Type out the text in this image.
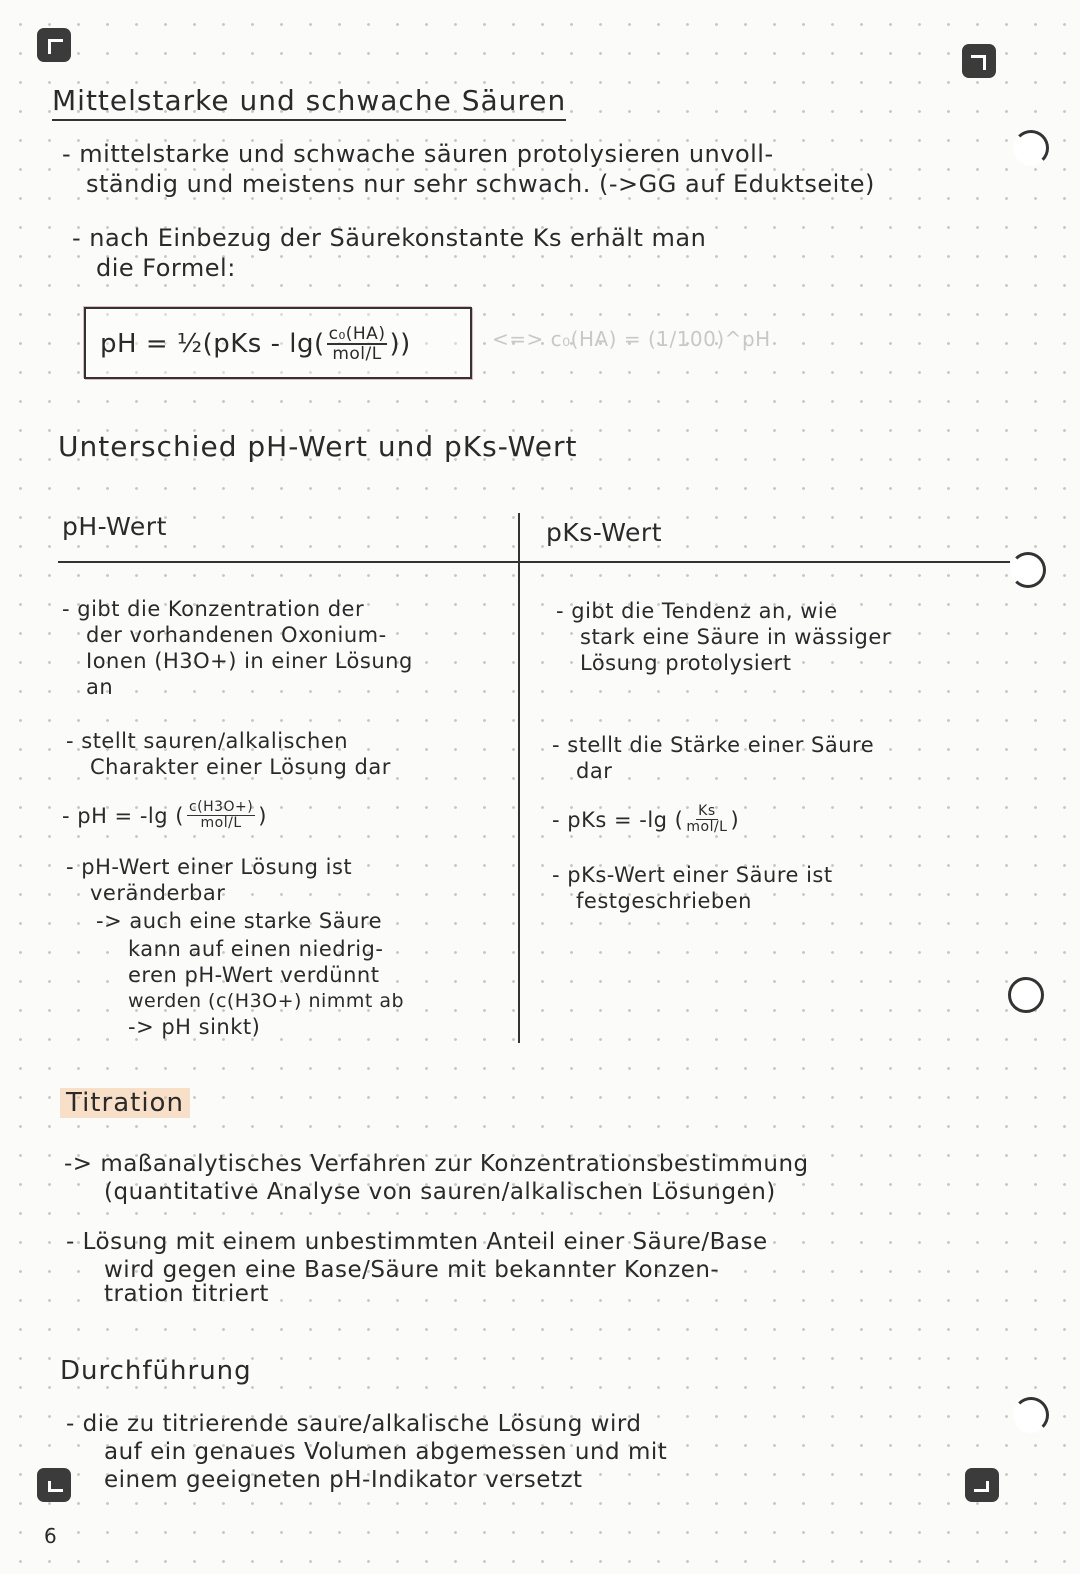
Mittelstarke und schwache Säuren
- mittelstarke und schwache säuren protolysieren unvoll-
ständig und meistens nur sehr schwach. (->GG auf Eduktseite)
- nach Einbezug der Säurekonstante Ks erhält man
die Formel:
pH = ½(pKs - lg( c₀(HA)
mol/L ))	<=> c₀(HA) = (1/100)^pH
Unterschied pH-Wert und pKs-Wert
pH-Wert	pKs-Wert
- gibt die Konzentration der
der vorhandenen Oxonium-
Ionen (H3O+) in einer Lösung
an
- stellt sauren/alkalischen
Charakter einer Lösung dar
- pH = -lg ( c(H3O+)
mol/L )
- pH-Wert einer Lösung ist
veränderbar
-> auch eine starke Säure
kann auf einen niedrig-
eren pH-Wert verdünnt
werden (c(H3O+) nimmt ab
-> pH sinkt)
- gibt die Tendenz an, wie
stark eine Säure in wässiger
Lösung protolysiert
- stellt die Stärke einer Säure
dar
- pKs = -lg ( Ks
mol/L )
- pKs-Wert einer Säure ist
festgeschrieben
Titration
-> maßanalytisches Verfahren zur Konzentrationsbestimmung
(quantitative Analyse von sauren/alkalischen Lösungen)
- Lösung mit einem unbestimmten Anteil einer Säure/Base
wird gegen eine Base/Säure mit bekannter Konzen-
tration titriert
Durchführung
- die zu titrierende saure/alkalische Lösung wird
auf ein genaues Volumen abgemessen und mit
einem geeigneten pH-Indikator versetzt
6
